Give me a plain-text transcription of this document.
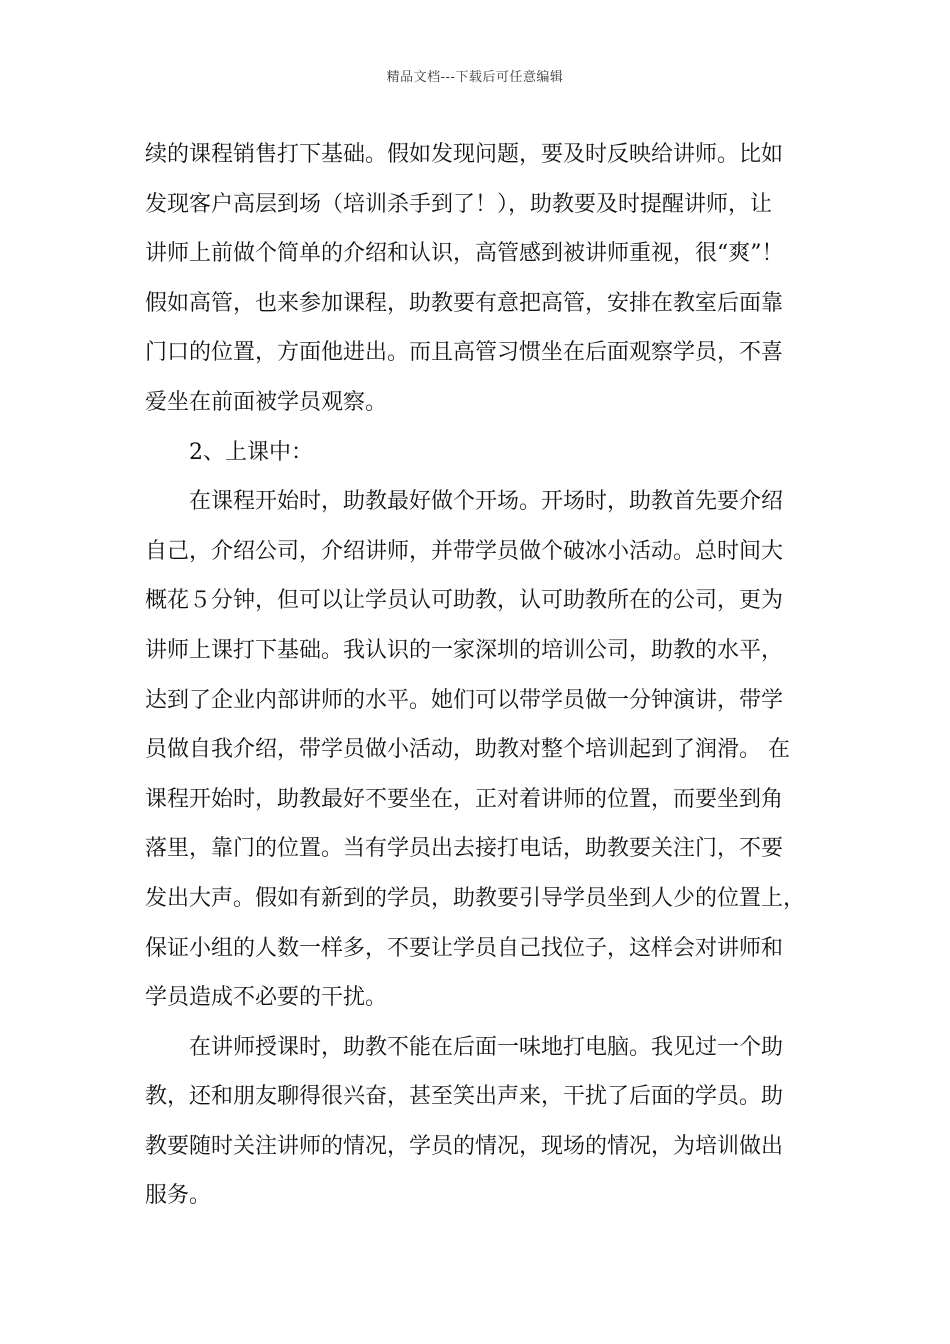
精品文档---下载后可任意编辑
续的课程销售打下基础。假如发现问题，要及时反映给讲师。比如
发现客户高层到场（培训杀手到了！），助教要及时提醒讲师，让
讲师上前做个简单的介绍和认识，高管感到被讲师重视，很“爽”！
假如高管，也来参加课程，助教要有意把高管，安排在教室后面靠
门口的位置，方面他进出。而且高管习惯坐在后面观察学员，不喜
爱坐在前面被学员观察。
2、上课中：
在课程开始时，助教最好做个开场。开场时，助教首先要介绍
自己，介绍公司，介绍讲师，并带学员做个破冰小活动。总时间大
概花５分钟，但可以让学员认可助教，认可助教所在的公司，更为
讲师上课打下基础。我认识的一家深圳的培训公司，助教的水平，
达到了企业内部讲师的水平。她们可以带学员做一分钟演讲，带学
员做自我介绍，带学员做小活动，助教对整个培训起到了润滑。 在
课程开始时，助教最好不要坐在，正对着讲师的位置，而要坐到角
落里，靠门的位置。当有学员出去接打电话，助教要关注门，不要
发出大声。假如有新到的学员，助教要引导学员坐到人少的位置上，
保证小组的人数一样多，不要让学员自己找位子，这样会对讲师和
学员造成不必要的干扰。
在讲师授课时，助教不能在后面一味地打电脑。我见过一个助
教，还和朋友聊得很兴奋，甚至笑出声来，干扰了后面的学员。助
教要随时关注讲师的情况，学员的情况，现场的情况，为培训做出
服务。
